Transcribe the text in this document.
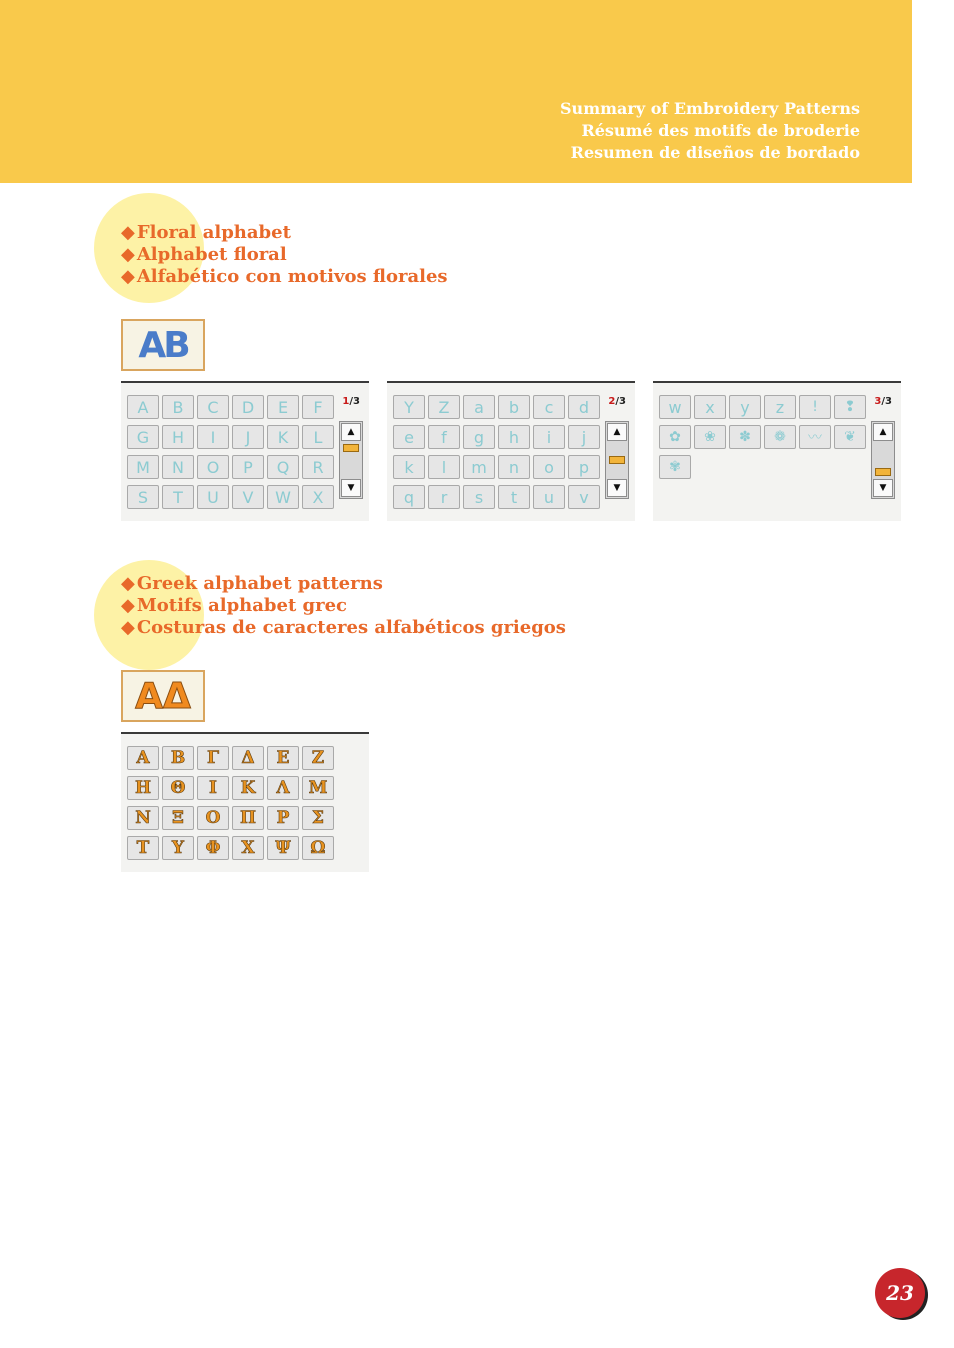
Summary of Embroidery Patterns
Résumé des motifs de broderie
Resumen de diseños de bordado
◆ Floral alphabet
◆ Alphabet floral
◆ Alfabético con motivos florales
AB
A	B	C	D	E	F
G	H	I	J	K	L
M	N	O	P	Q	R
S	T	U	V	W	X
1/3
▲
▼
Y	Z	a	b	c	d
e	f	g	h	i	j
k	l	m	n	o	p
q	r	s	t	u	v
2/3
▲
▼
w	x	y	z	!	❢
✿	❀	✽	❁	〰	❦
✾
3/3
▲
▼
◆ Greek alphabet patterns
◆ Motifs alphabet grec
◆ Costuras de caracteres alfabéticos griegos
ΑΔ
Α	Β	Γ	Δ	Ε	Ζ
Η	Θ	Ι	Κ	Λ	Μ
Ν	Ξ	Ο	Π	Ρ	Σ
Τ	Υ	Φ	Χ	Ψ	Ω
23
